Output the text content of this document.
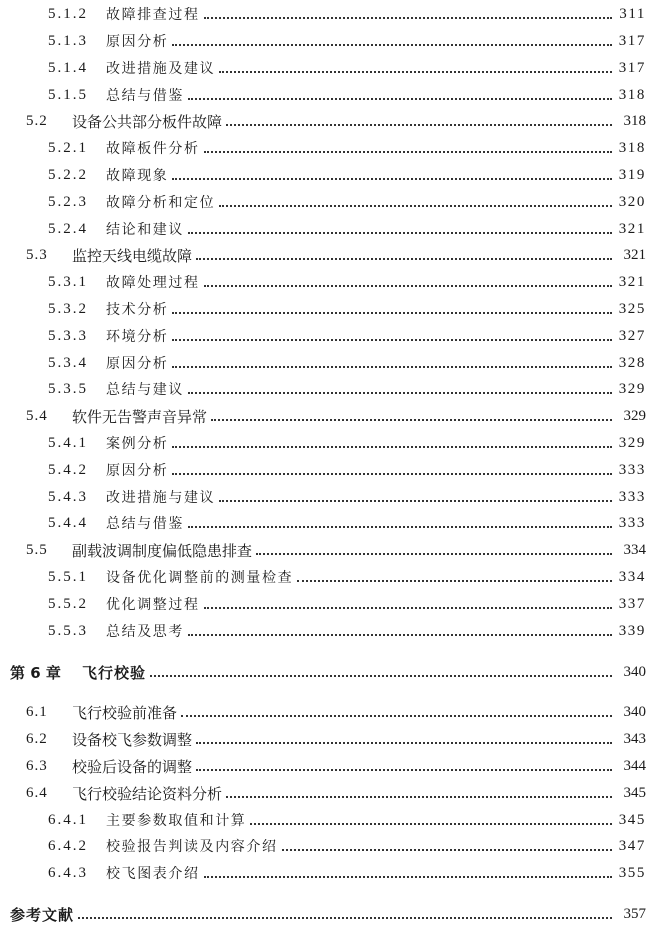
5.1.2	故障排查过程	311
5.1.3	原因分析	317
5.1.4	改进措施及建议	317
5.1.5	总结与借鉴	318
5.2	设备公共部分板件故障	318
5.2.1	故障板件分析	318
5.2.2	故障现象	319
5.2.3	故障分析和定位	320
5.2.4	结论和建议	321
5.3	监控天线电缆故障	321
5.3.1	故障处理过程	321
5.3.2	技术分析	325
5.3.3	环境分析	327
5.3.4	原因分析	328
5.3.5	总结与建议	329
5.4	软件无告警声音异常	329
5.4.1	案例分析	329
5.4.2	原因分析	333
5.4.3	改进措施与建议	333
5.4.4	总结与借鉴	333
5.5	副载波调制度偏低隐患排查	334
5.5.1	设备优化调整前的测量检查	334
5.5.2	优化调整过程	337
5.5.3	总结及思考	339
第 6 章	飞行校验	340
6.1	飞行校验前准备	340
6.2	设备校飞参数调整	343
6.3	校验后设备的调整	344
6.4	飞行校验结论资料分析	345
6.4.1	主要参数取值和计算	345
6.4.2	校验报告判读及内容介绍	347
6.4.3	校飞图表介绍	355
参考文献	357
